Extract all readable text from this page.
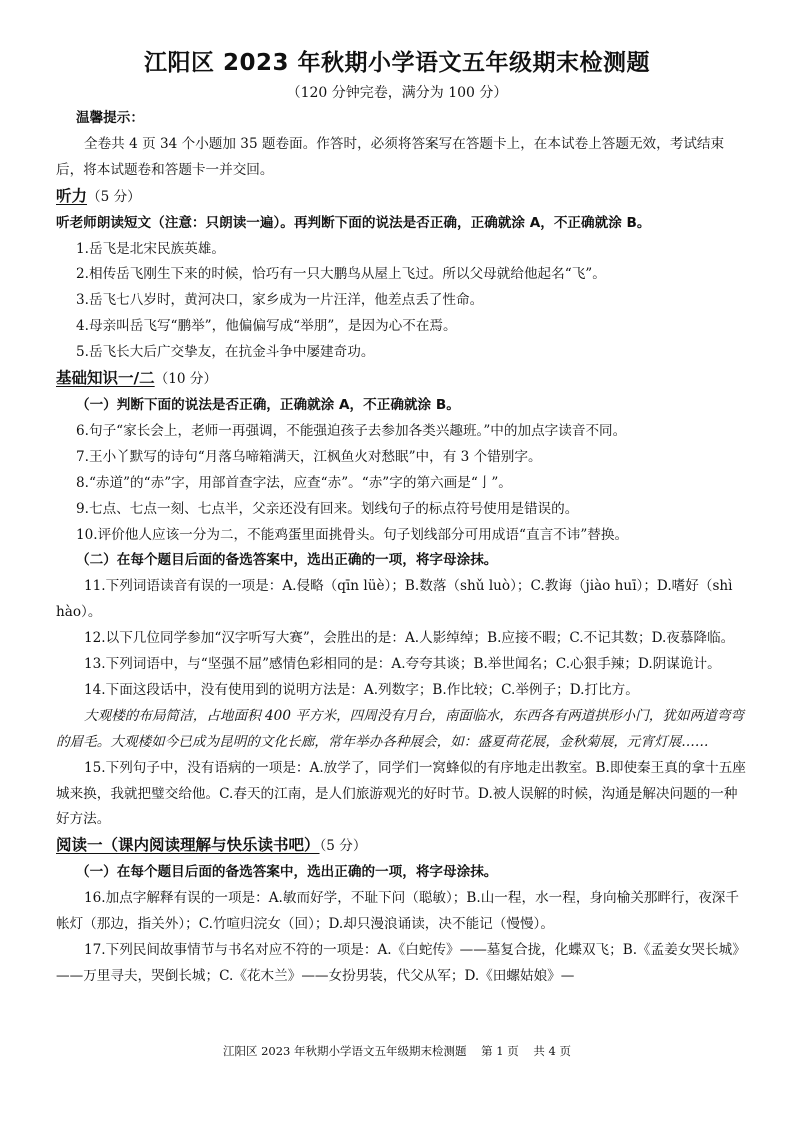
江阳区 2023 年秋期小学语文五年级期末检测题
（120 分钟完卷，满分为 100 分）

温馨提示：

全卷共 4 页 34 个小题加 35 题卷面。作答时，必须将答案写在答题卡上，在本试卷上答题无效，考试结束后，将本试题卷和答题卡一并交回。

听力（5 分）

听老师朗读短文（注意：只朗读一遍）。再判断下面的说法是否正确，正确就涂 A，不正确就涂 B。

1.岳飞是北宋民族英雄。

2.相传岳飞刚生下来的时候，恰巧有一只大鹏鸟从屋上飞过。所以父母就给他起名“飞”。

3.岳飞七八岁时，黄河决口，家乡成为一片汪洋，他差点丢了性命。

4.母亲叫岳飞写“鹏举”，他偏偏写成“举朋”，是因为心不在焉。

5.岳飞长大后广交挚友，在抗金斗争中屡建奇功。

基础知识一/二（10 分）

（一）判断下面的说法是否正确，正确就涂 A，不正确就涂 B。

6.句子“家长会上，老师一再强调，不能强迫孩子去参加各类兴趣班。”中的加点字读音不同。

7.王小丫默写的诗句“月落乌啼箱满天，江枫鱼火对愁眠”中，有 3 个错别字。

8.“赤道”的“赤”字，用部首查字法，应查“赤”。“赤”字的第六画是“亅”。

9.七点、七点一刻、七点半，父亲还没有回来。划线句子的标点符号使用是错误的。

10.评价他人应该一分为二，不能鸡蛋里面挑骨头。句子划线部分可用成语“直言不讳”替换。

（二）在每个题目后面的备选答案中，选出正确的一项，将字母涂抹。

11.下列词语读音有误的一项是：A.侵略（qīn lüè）；B.数落（shǔ luò）；C.教诲（jiào huī）；D.嗜好（shì hào）。

12.以下几位同学参加“汉字听写大赛”，会胜出的是：A.人影绰绰；B.应接不暇；C.不记其数；D.夜慕降临。

13.下列词语中，与“坚强不屈”感情色彩相同的是：A.夸夸其谈；B.举世闻名；C.心狠手辣；D.阴谋诡计。

14.下面这段话中，没有使用到的说明方法是：A.列数字；B.作比较；C.举例子；D.打比方。

大观楼的布局简洁，占地面积 400 平方米，四周没有月台，南面临水，东西各有两道拱形小门，犹如两道弯弯的眉毛。大观楼如今已成为昆明的文化长廊，常年举办各种展会，如：盛夏荷花展，金秋菊展，元宵灯展……

15.下列句子中，没有语病的一项是：A.放学了，同学们一窝蜂似的有序地走出教室。B.即使秦王真的拿十五座城来换，我就把璧交给他。C.春天的江南，是人们旅游观光的好时节。D.被人误解的时候，沟通是解决问题的一种好方法。

阅读一（课内阅读理解与快乐读书吧）（5 分）

（一）在每个题目后面的备选答案中，选出正确的一项，将字母涂抹。

16.加点字解释有误的一项是：A.敏而好学，不耻下问（聪敏）；B.山一程，水一程，身向榆关那畔行，夜深千帐灯（那边，指关外）；C.竹喧归浣女（回）；D.却只漫浪诵读，决不能记（慢慢）。

17.下列民间故事情节与书名对应不符的一项是：A.《白蛇传》——墓复合拢，化蝶双飞；B.《孟姜女哭长城》——万里寻夫，哭倒长城；C.《花木兰》——女扮男装，代父从军；D.《田螺姑娘》—

江阳区 2023 年秋期小学语文五年级期末检测题    第 1 页    共 4 页
